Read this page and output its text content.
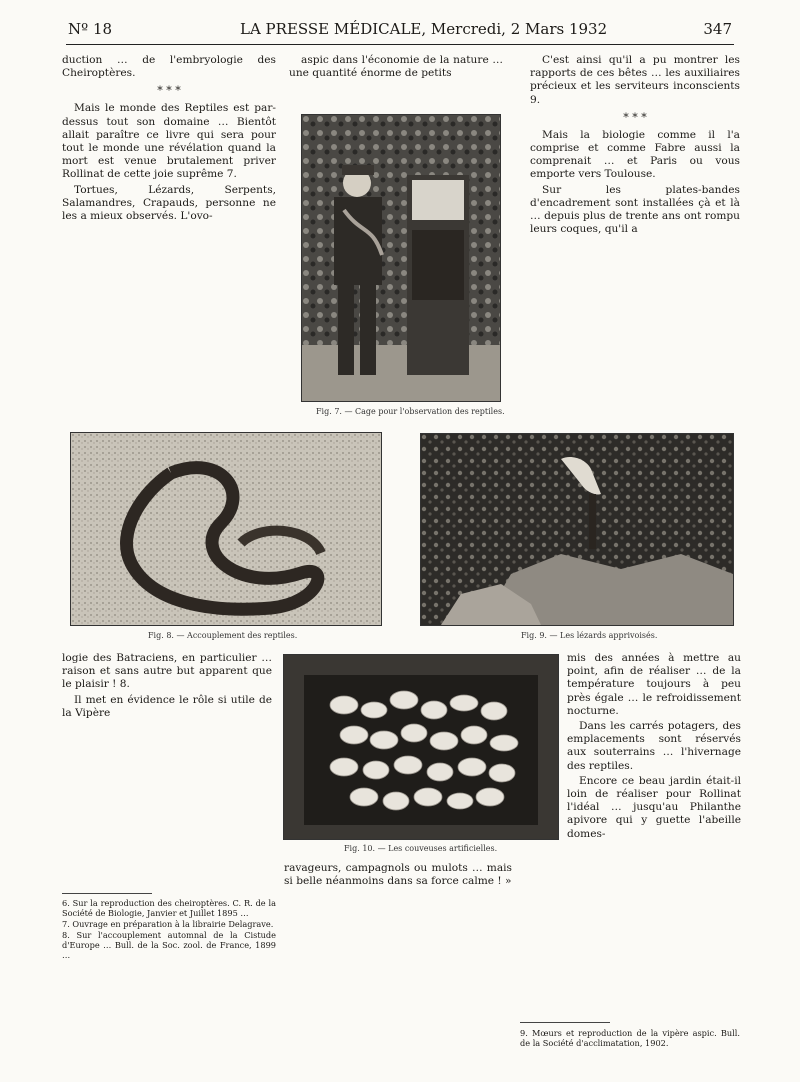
Nº 18	LA PRESSE MÉDICALE, Mercredi, 2 Mars 1932	347

duction … de l'embryologie des Cheiroptères.

* * *

Mais le monde des Reptiles est par-dessus tout son domaine … Bientôt allait paraître ce livre qui sera pour tout le monde une révélation quand la mort est venue brutalement priver Rollinat de cette joie suprême 7.

Tortues, Lézards, Serpents, Salamandres, Crapauds, personne ne les a mieux observés. L'ovo-

aspic dans l'économie de la nature … une quantité énorme de petits

Fig. 7. — Cage pour l'observation des reptiles.

C'est ainsi qu'il a pu montrer les rapports de ces bêtes … les auxiliaires précieux et les serviteurs inconscients 9.

* * *

Mais la biologie comme il l'a comprise et comme Fabre aussi la comprenait … et Paris ou vous emporte vers Toulouse.

Sur les plates-bandes d'encadrement sont installées çà et là … depuis plus de trente ans ont rompu leurs coques, qu'il a

Fig. 8. — Accouplement des reptiles.	Fig. 9. — Les lézards apprivoisés.

logie des Batraciens, en particulier … raison et sans autre but apparent que le plaisir ! 8.

Il met en évidence le rôle si utile de la Vipère

Fig. 10. — Les couveuses artificielles.

mis des années à mettre au point, afin de réaliser … de la température toujours à peu près égale … le refroidissement nocturne.

Dans les carrés potagers, des emplacements sont réservés aux souterrains … l'hivernage des reptiles.

Encore ce beau jardin était-il loin de réaliser pour Rollinat l'idéal … jusqu'au Philanthe apivore qui y guette l'abeille domes-

ravageurs, campagnols ou mulots … mais si belle néanmoins dans sa force calme ! »

6. Sur la reproduction des cheiroptères. C. R. de la Société de Biologie, Janvier et Juillet 1895 …

7. Ouvrage en préparation à la librairie Delagrave.

8. Sur l'accouplement automnal de la Cistude d'Europe … Bull. de la Soc. zool. de France, 1899 …

9. Mœurs et reproduction de la vipère aspic. Bull. de la Société d'acclimatation, 1902.
